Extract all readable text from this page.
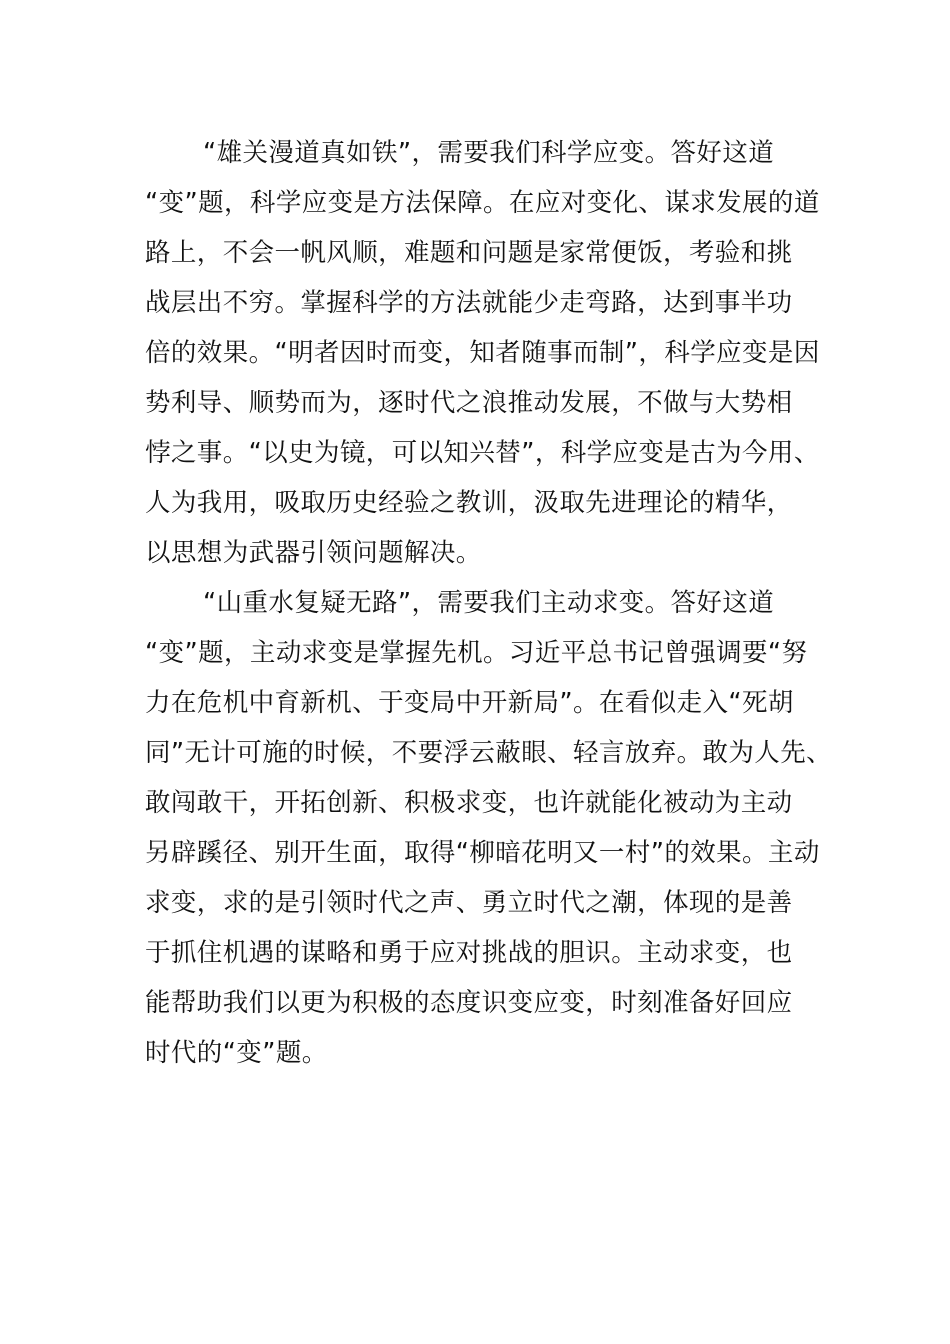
“雄关漫道真如铁”，需要我们科学应变。答好这道
“变”题，科学应变是方法保障。在应对变化、谋求发展的道
路上，不会一帆风顺，难题和问题是家常便饭，考验和挑
战层出不穷。掌握科学的方法就能少走弯路，达到事半功
倍的效果。“明者因时而变，知者随事而制”，科学应变是因
势利导、顺势而为，逐时代之浪推动发展，不做与大势相
悖之事。“以史为镜，可以知兴替”，科学应变是古为今用、
人为我用，吸取历史经验之教训，汲取先进理论的精华，
以思想为武器引领问题解决。
“山重水复疑无路”，需要我们主动求变。答好这道
“变”题，主动求变是掌握先机。习近平总书记曾强调要“努
力在危机中育新机、于变局中开新局”。在看似走入“死胡
同”无计可施的时候，不要浮云蔽眼、轻言放弃。敢为人先、
敢闯敢干，开拓创新、积极求变，也许就能化被动为主动
另辟蹊径、别开生面，取得“柳暗花明又一村”的效果。主动
求变，求的是引领时代之声、勇立时代之潮，体现的是善
于抓住机遇的谋略和勇于应对挑战的胆识。主动求变，也
能帮助我们以更为积极的态度识变应变，时刻准备好回应
时代的“变”题。
